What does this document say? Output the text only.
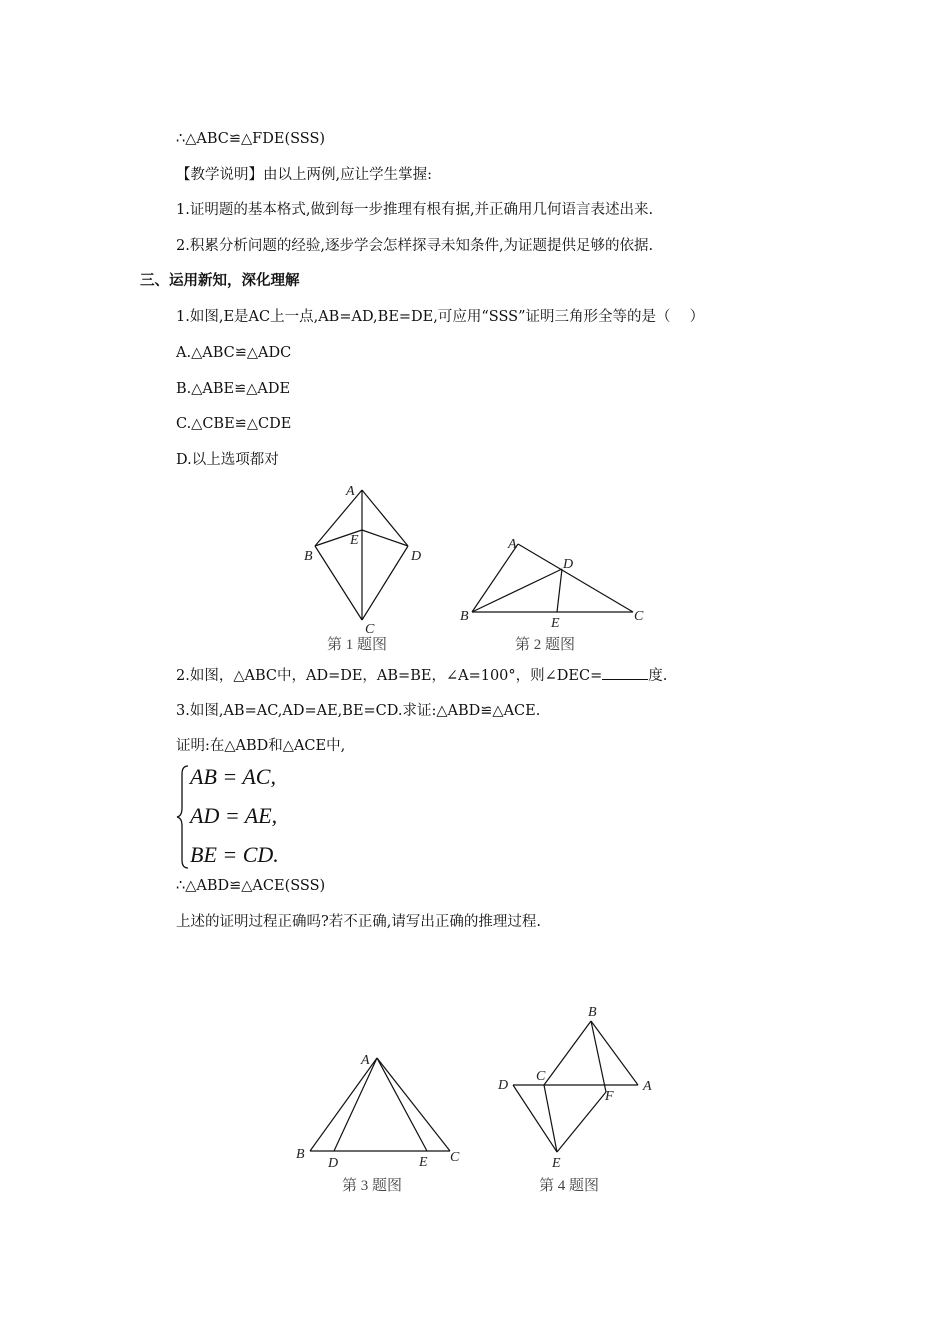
∴△ABC≌△FDE(SSS)
【教学说明】由以上两例,应让学生掌握:
1.证明题的基本格式,做到每一步推理有根有据,并正确用几何语言表述出来.
2.积累分析问题的经验,逐步学会怎样探寻未知条件,为证题提供足够的依据.
三、运用新知，深化理解
1.如图,E是AC上一点,AB=AD,BE=DE,可应用“SSS”证明三角形全等的是（　 ）
A.△ABC≌△ADC
B.△ABE≌△ADE
C.△CBE≌△CDE
D.以上选项都对
A
B
C
D
E
第 1 题图
A
B	C
D
E
第 2 题图
2.如图，△ABC中，AD=DE，AB=BE，∠A=100°，则∠DEC=	度.
3.如图,AB=AC,AD=AE,BE=CD.求证:△ABD≌△ACE.
证明:在△ABD和△ACE中,
AB = AC,
AD = AE,
BE = CD.
∴△ABD≌△ACE(SSS)
上述的证明过程正确吗?若不正确,请写出正确的推理过程.
A
B	C
D	E
第 3 题图
B
C
D	A
F
E
第 4 题图
